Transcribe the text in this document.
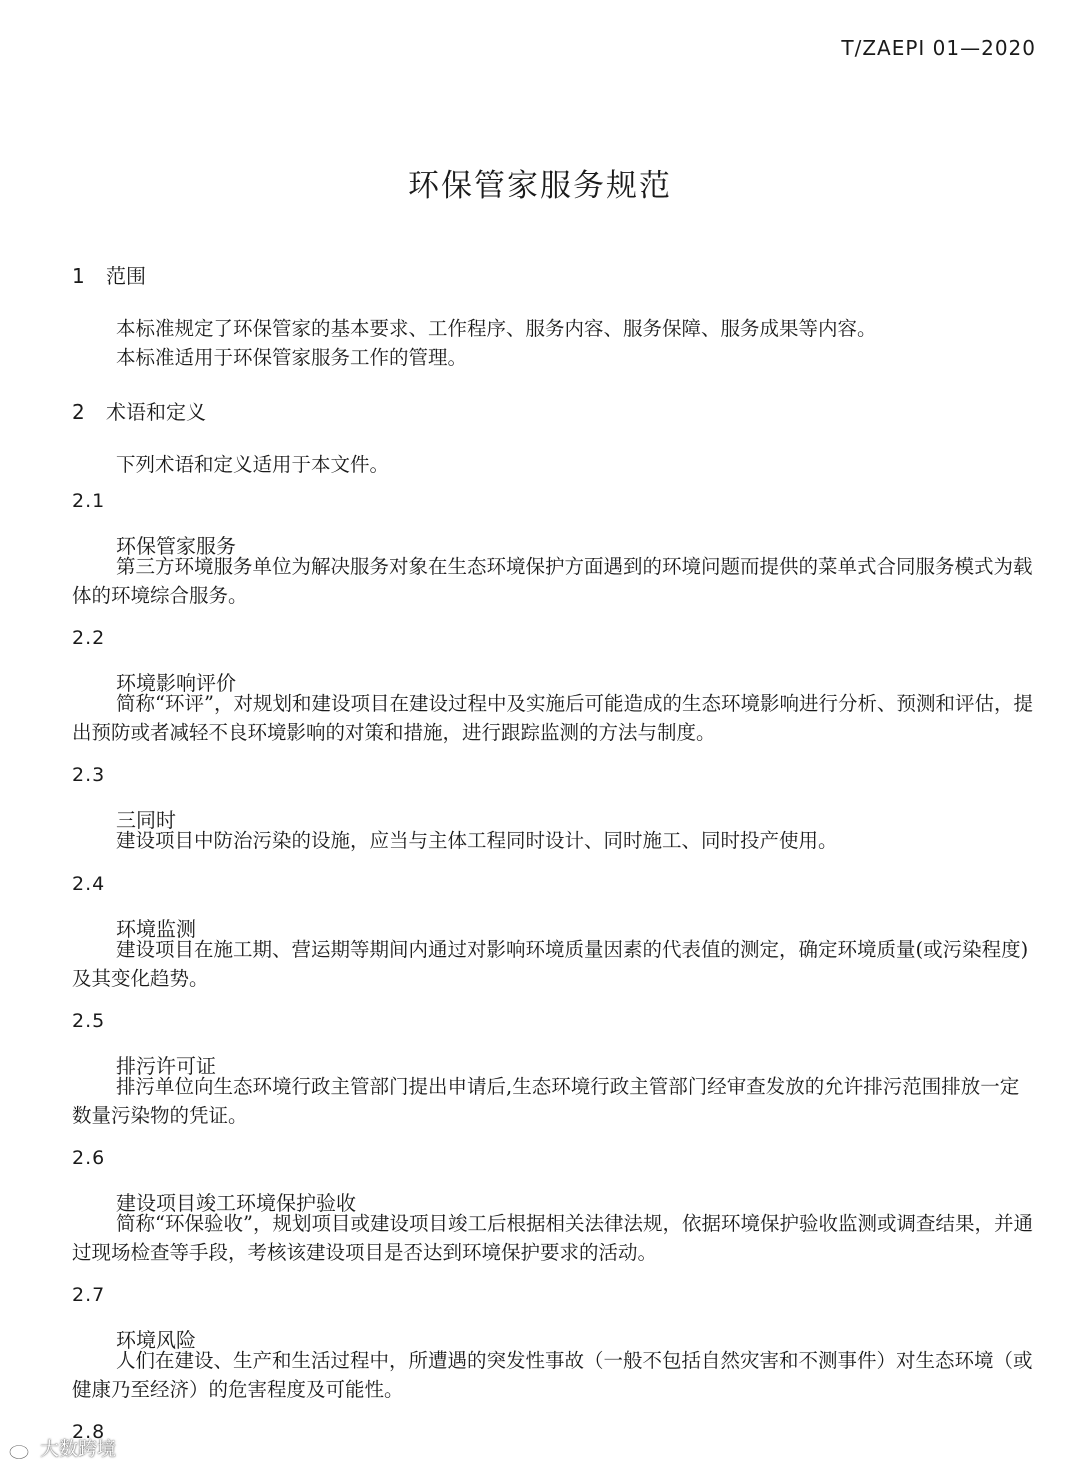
T/ZAEPI 01—2020
环保管家服务规范
1 范围
本标准规定了环保管家的基本要求、工作程序、服务内容、服务保障、服务成果等内容。
本标准适用于环保管家服务工作的管理。
2 术语和定义
下列术语和定义适用于本文件。
2.1
环保管家服务
第三方环境服务单位为解决服务对象在生态环境保护方面遇到的环境问题而提供的菜单式合同服务模式为载体的环境综合服务。
2.2
环境影响评价
简称“环评”，对规划和建设项目在建设过程中及实施后可能造成的生态环境影响进行分析、预测和评估，提出预防或者减轻不良环境影响的对策和措施，进行跟踪监测的方法与制度。
2.3
三同时
建设项目中防治污染的设施，应当与主体工程同时设计、同时施工、同时投产使用。
2.4
环境监测
建设项目在施工期、营运期等期间内通过对影响环境质量因素的代表值的测定，确定环境质量(或污染程度)及其变化趋势。
2.5
排污许可证
排污单位向生态环境行政主管部门提出申请后,生态环境行政主管部门经审查发放的允许排污范围排放一定数量污染物的凭证。
2.6
建设项目竣工环境保护验收
简称“环保验收”，规划项目或建设项目竣工后根据相关法律法规，依据环境保护验收监测或调查结果，并通过现场检查等手段，考核该建设项目是否达到环境保护要求的活动。
2.7
环境风险
人们在建设、生产和生活过程中，所遭遇的突发性事故（一般不包括自然灾害和不测事件）对生态环境（或健康乃至经济）的危害程度及可能性。
2.8
大数跨境
